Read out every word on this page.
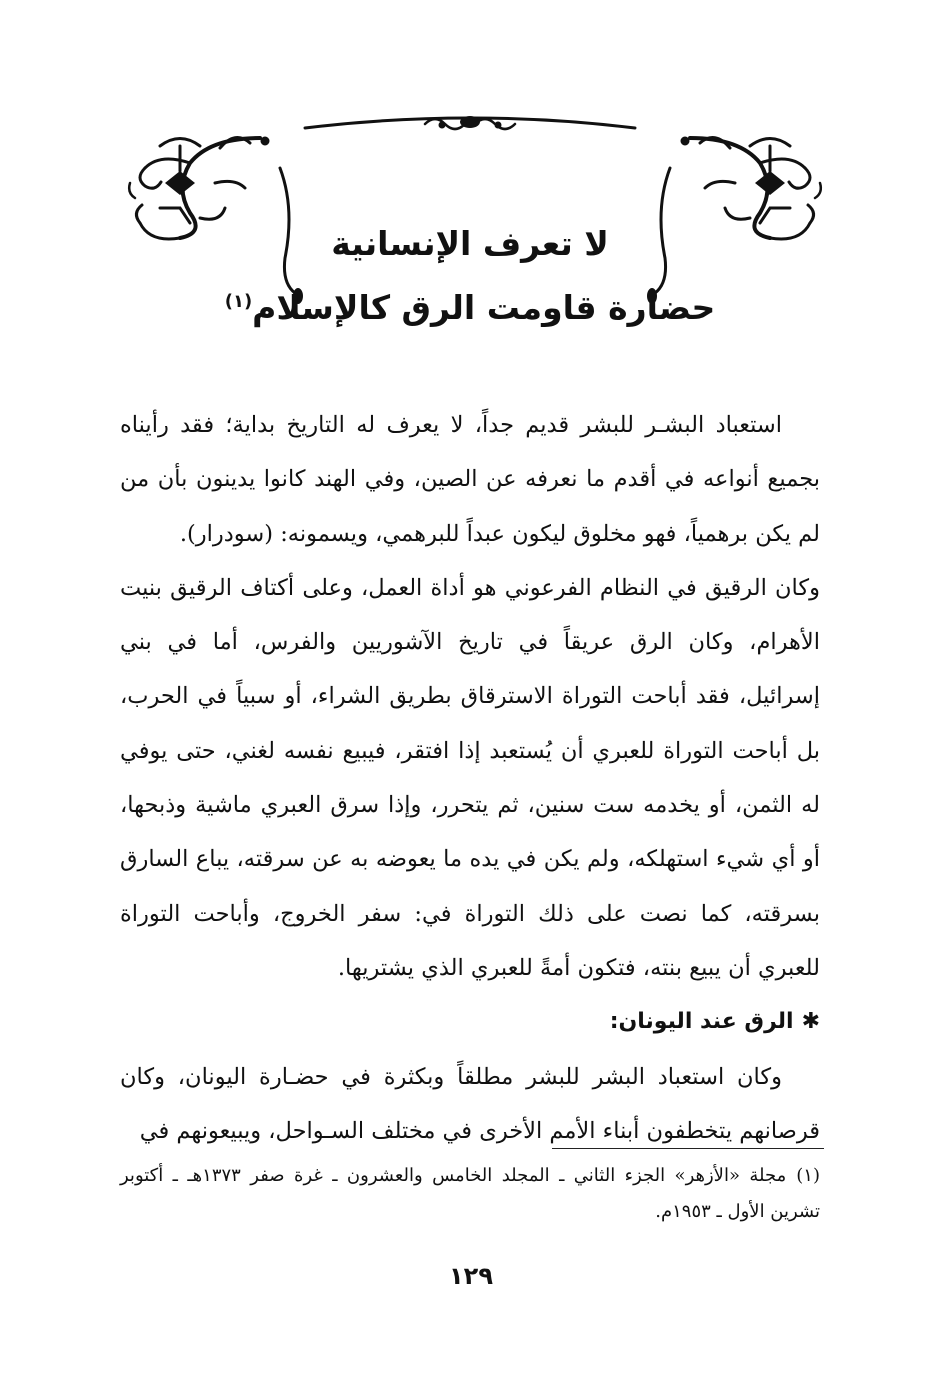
لا تعرف الإنسانية
حضارة قاومت الرق كالإسلام$^{(١)}$

استعباد البشـر للبشر قديم جداً، لا يعرف له التاريخ بداية؛ فقد رأيناه بجميع أنواعه في أقدم ما نعرفه عن الصين، وفي الهند كانوا يدينون بأن من لم يكن برهمياً، فهو مخلوق ليكون عبداً للبرهمي، ويسمونه: (سودرار).

وكان الرقيق في النظام الفرعوني هو أداة العمل، وعلى أكتاف الرقيق بنيت الأهرام، وكان الرق عريقاً في تاريخ الآشوريين والفرس، أما في بني إسرائيل، فقد أباحت التوراة الاسترقاق بطريق الشراء، أو سبياً في الحرب، بل أباحت التوراة للعبري أن يُستعبد إذا افتقر، فيبيع نفسه لغني، حتى يوفي له الثمن، أو يخدمه ست سنين، ثم يتحرر، وإذا سرق العبري ماشية وذبحها، أو أي شيء استهلكه، ولم يكن في يده ما يعوضه به عن سرقته، يباع السارق بسرقته، كما نصت على ذلك التوراة في: سفر الخروج، وأباحت التوراة للعبري أن يبيع بنته، فتكون أمةً للعبري الذي يشتريها.

✱الرق عند اليونان:

وكان استعباد البشر للبشر مطلقاً وبكثرة في حضـارة اليونان، وكان قرصانهم يتخطفون أبناء الأمم الأخرى في مختلف السـواحل، ويبيعونهم في

(١)مجلة «الأزهر» الجزء الثاني ـ المجلد الخامس والعشرون ـ غرة صفر ١٣٧٣هـ ـ أكتوبر تشرين الأول ـ ١٩٥٣م.
١٢٩
